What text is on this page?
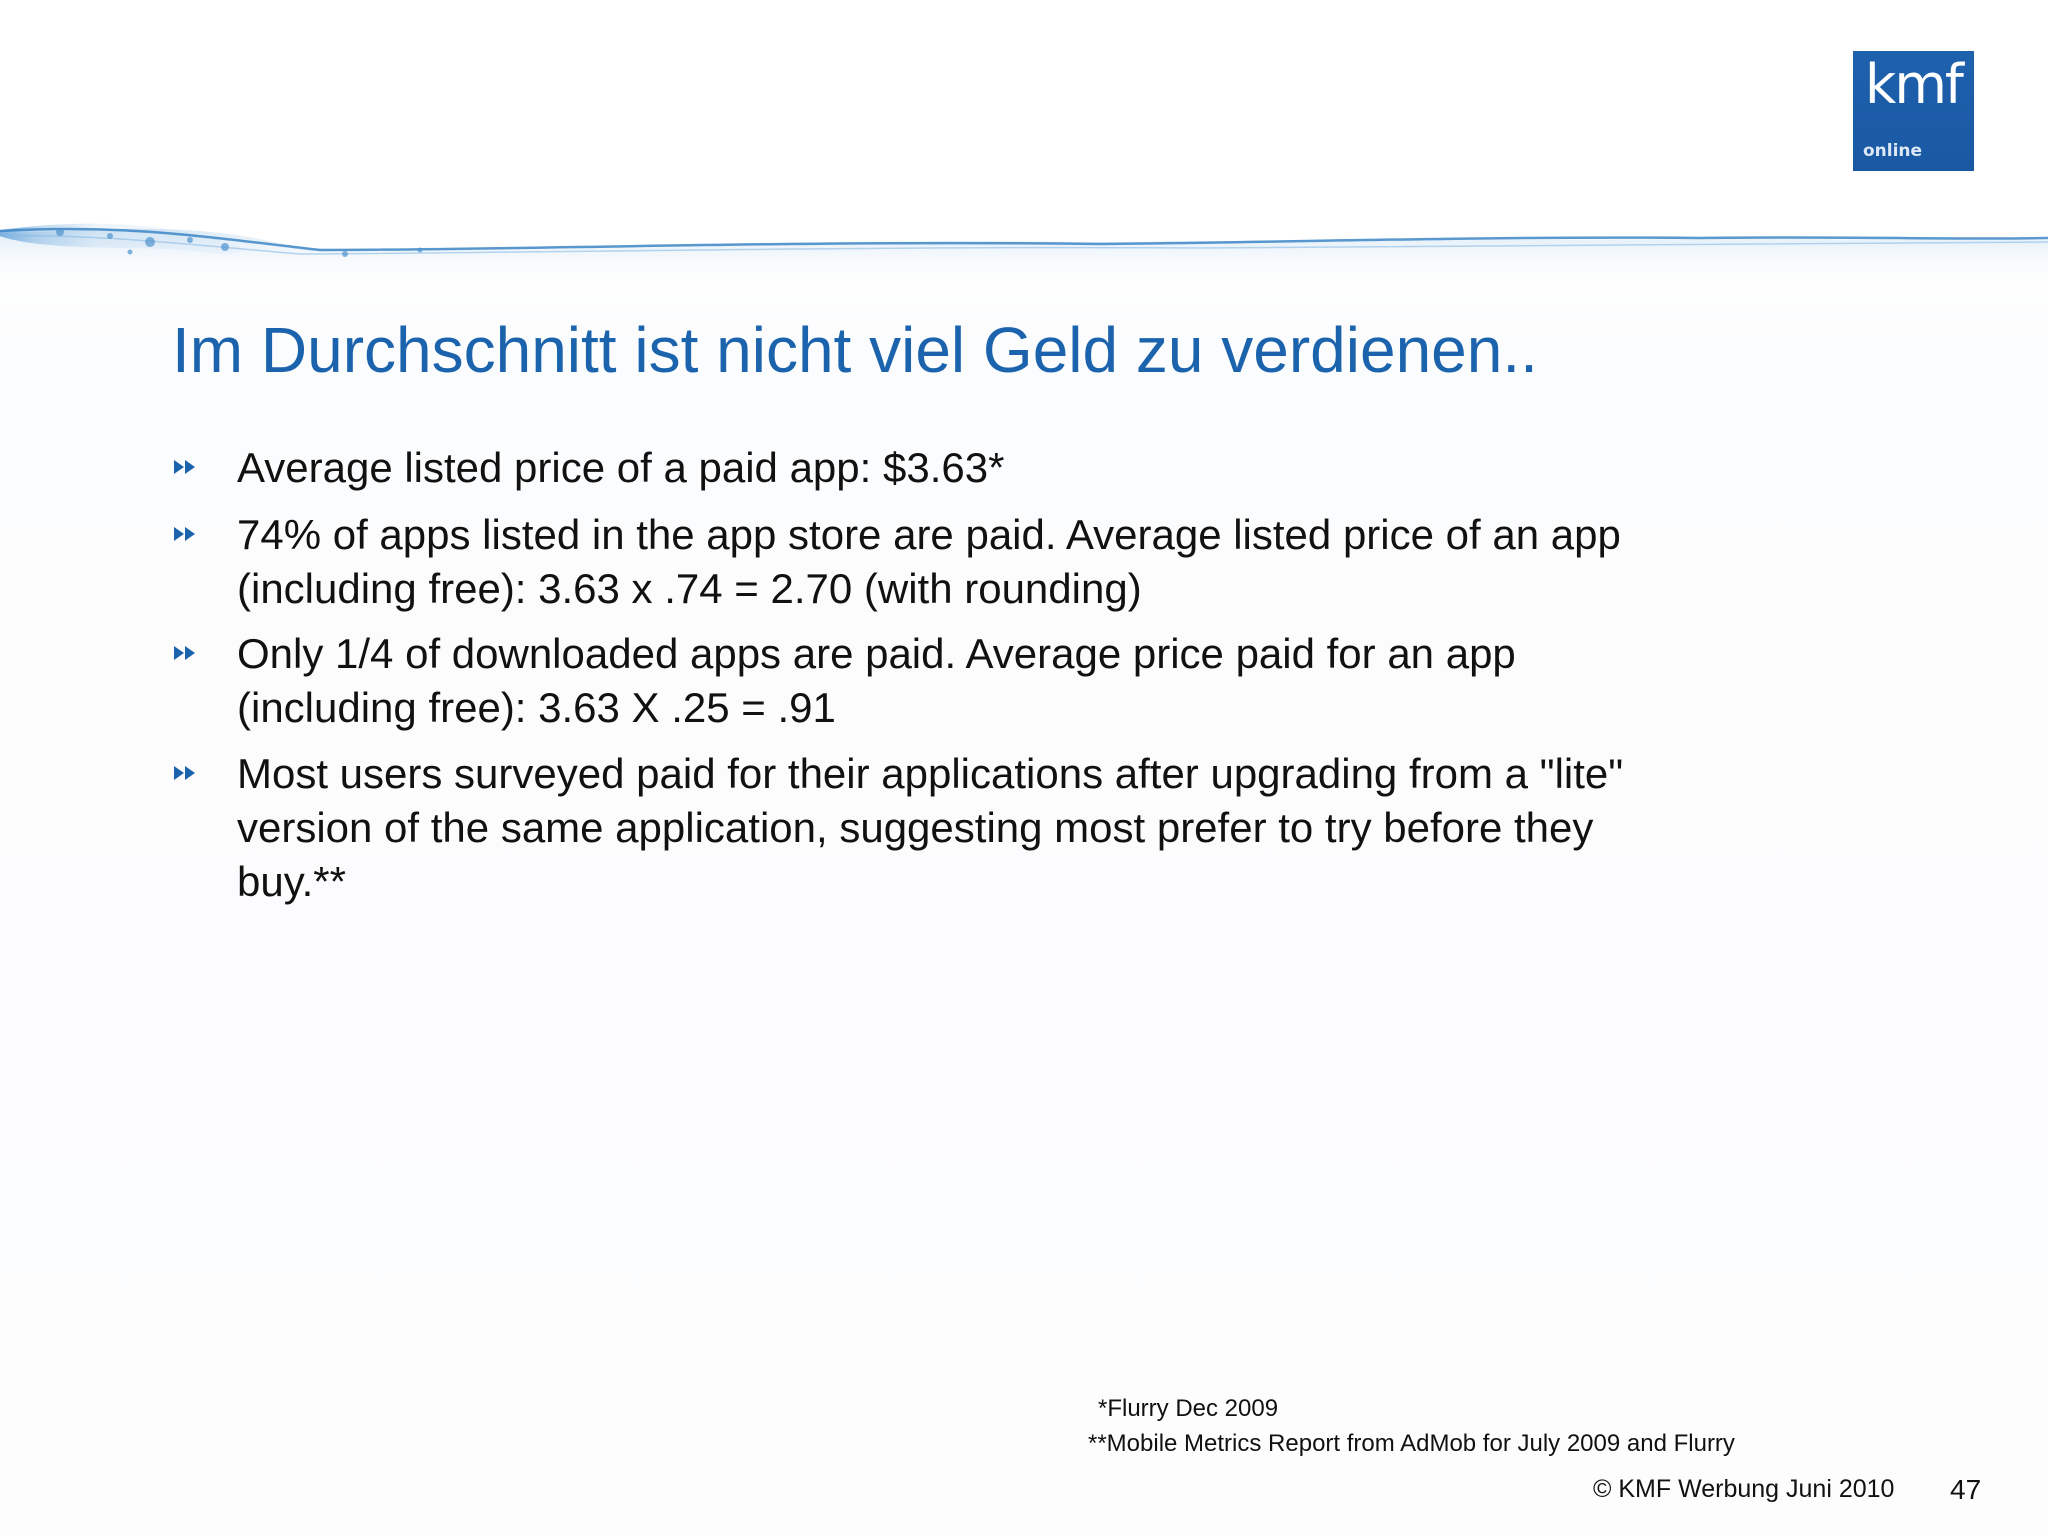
kmf
online
Im Durchschnitt ist nicht viel Geld zu verdienen..
Average listed price of a paid app: $3.63*
74% of apps listed in the app store are paid. Average listed price of an app
(including free): 3.63 x .74 = 2.70 (with rounding)
Only 1/4 of downloaded apps are paid. Average price paid for an app
(including free): 3.63 X .25 = .91
Most users surveyed paid for their applications after upgrading from a "lite"
version of the same application, suggesting most prefer to try before they
buy.**
*Flurry Dec 2009
**Mobile Metrics Report from AdMob for July 2009 and Flurry
© KMF Werbung Juni 2010 47
